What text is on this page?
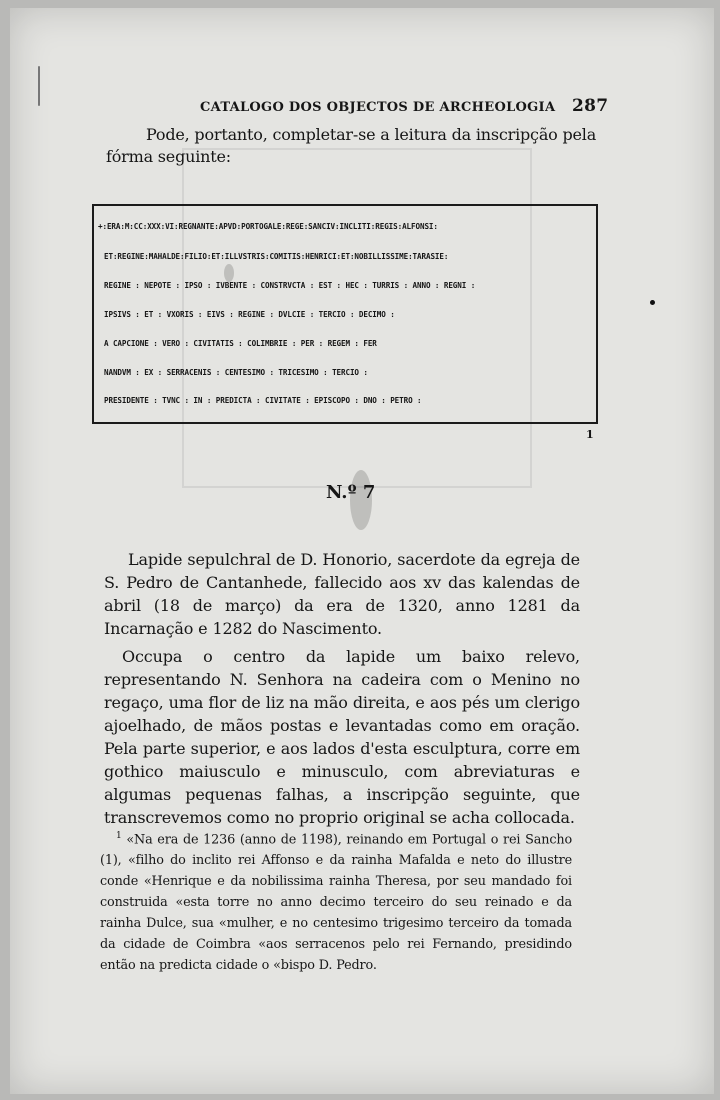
CATALOGO DOS OBJECTOS DE ARCHEOLOGIA 287
Pode, portanto, completar-se a leitura da inscripção pela fórma seguinte:
+:ERA:M:CC:XXX:VI:REGNANTE:APVD:PORTOGALE:REGE:SANCIV:INCLITI:REGIS:ALFONSI:
ET:REGINE:MAHALDE:FILIO:ET:ILLVSTRIS:COMITIS:HENRICI:ET:NOBILLISSIME:TARASIE:
REGINE : NEPOTE : IPSO : IVBENTE : CONSTRVCTA : EST : HEC : TURRIS : ANNO : REGNI :
IPSIVS : ET : VXORIS : EIVS : REGINE : DVLCIE : TERCIO : DECIMO :
A CAPCIONE : VERO : CIVITATIS : COLIMBRIE : PER : REGEM : FER
NANDVM : EX : SERRACENIS : CENTESIMO : TRICESIMO : TERCIO :
PRESIDENTE : TVNC : IN : PREDICTA : CIVITATE : EPISCOPO : DNO : PETRO :
1
N.º 7
Lapide sepulchral de D. Honorio, sacerdote da egreja de S. Pedro de Cantanhede, fallecido aos xv das kalendas de abril (18 de março) da era de 1320, anno 1281 da Incarnação e 1282 do Nascimento.
Occupa o centro da lapide um baixo relevo, representando N. Senhora na cadeira com o Menino no regaço, uma flor de liz na mão direita, e aos pés um clerigo ajoelhado, de mãos postas e levantadas como em oração. Pela parte superior, e aos lados d'esta esculptura, corre em gothico maiusculo e minusculo, com abreviaturas e algumas pequenas falhas, a inscripção seguinte, que transcrevemos como no proprio original se acha collocada.
$^1$ «Na era de 1236 (anno de 1198), reinando em Portugal o rei Sancho (1), «filho do inclito rei Affonso e da rainha Mafalda e neto do illustre conde «Henrique e da nobilissima rainha Theresa, por seu mandado foi construida «esta torre no anno decimo terceiro do seu reinado e da rainha Dulce, sua «mulher, e no centesimo trigesimo terceiro da tomada da cidade de Coimbra «aos serracenos pelo rei Fernando, presidindo então na predicta cidade o «bispo D. Pedro.
